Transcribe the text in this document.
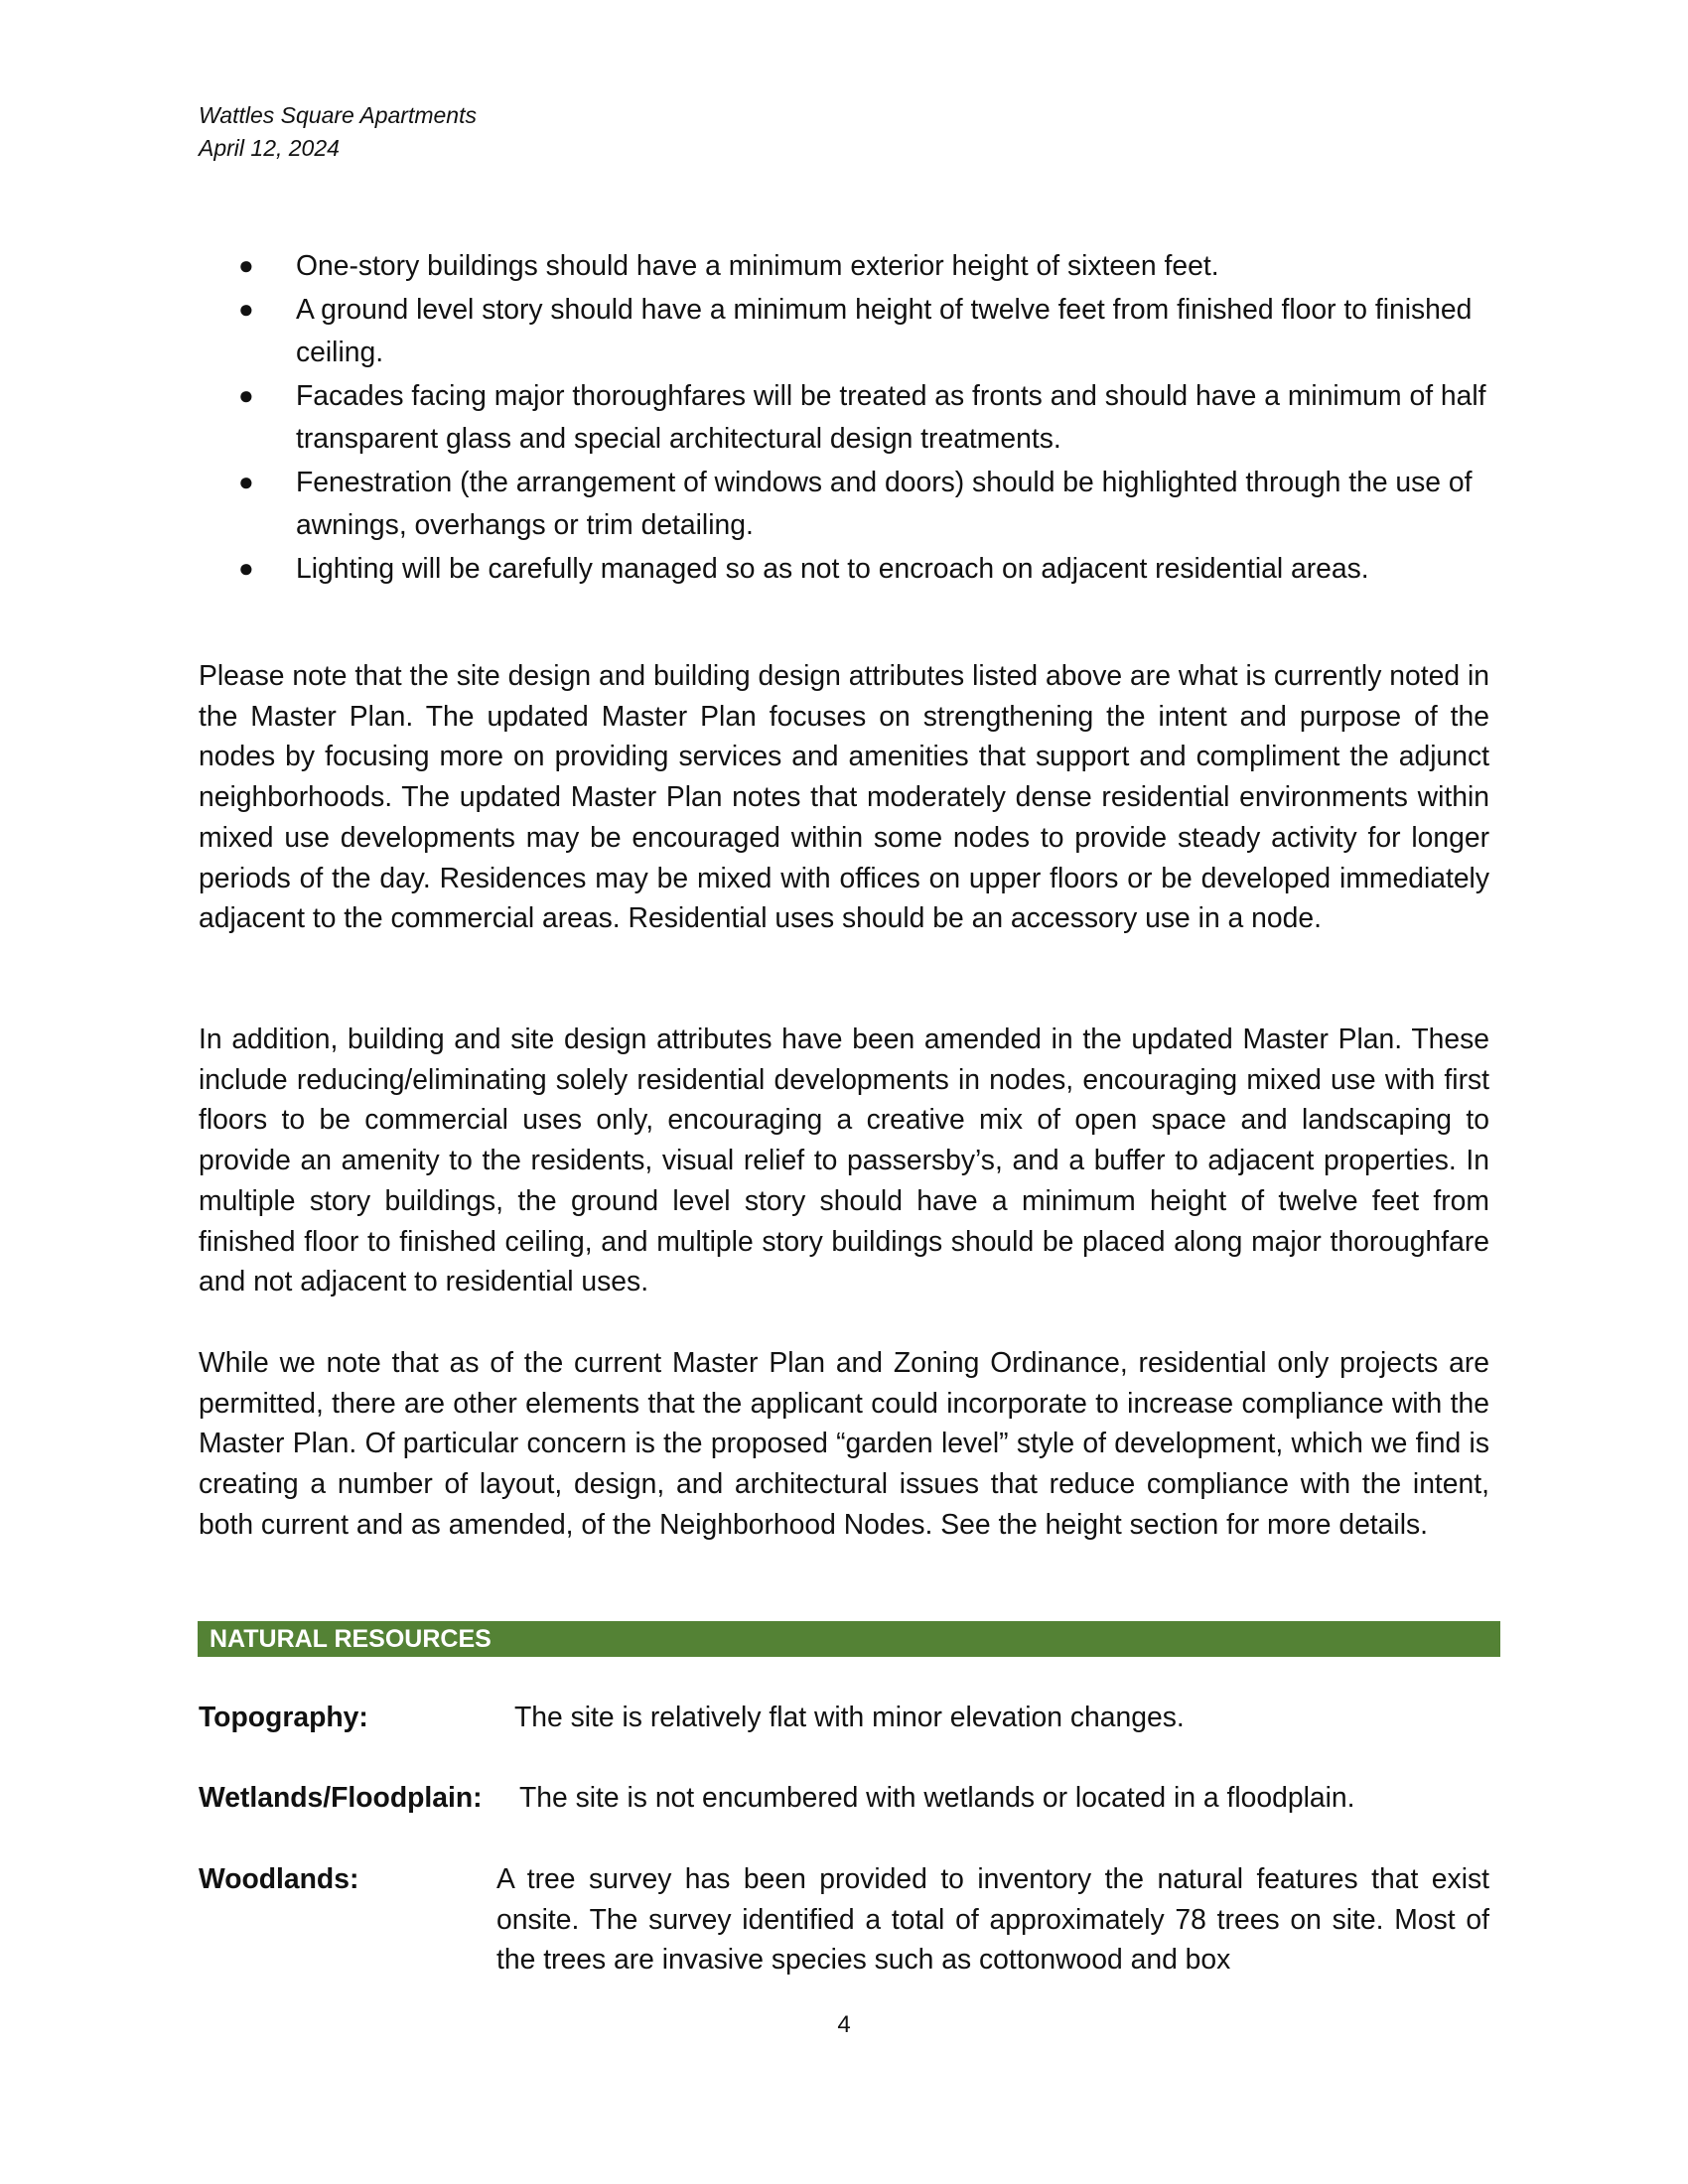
Wattles Square Apartments
April 12, 2024
● One-story buildings should have a minimum exterior height of sixteen feet.
● A ground level story should have a minimum height of twelve feet from finished floor to finished ceiling.
● Facades facing major thoroughfares will be treated as fronts and should have a minimum of half transparent glass and special architectural design treatments.
● Fenestration (the arrangement of windows and doors) should be highlighted through the use of awnings, overhangs or trim detailing.
● Lighting will be carefully managed so as not to encroach on adjacent residential areas.

Please note that the site design and building design attributes listed above are what is currently noted in the Master Plan. The updated Master Plan focuses on strengthening the intent and purpose of the nodes by focusing more on providing services and amenities that support and compliment the adjunct neighborhoods. The updated Master Plan notes that moderately dense residential environments within mixed use developments may be encouraged within some nodes to provide steady activity for longer periods of the day. Residences may be mixed with offices on upper floors or be developed immediately adjacent to the commercial areas. Residential uses should be an accessory use in a node.

In addition, building and site design attributes have been amended in the updated Master Plan. These include reducing/eliminating solely residential developments in nodes, encouraging mixed use with first floors to be commercial uses only, encouraging a creative mix of open space and landscaping to provide an amenity to the residents, visual relief to passersby’s, and a buffer to adjacent properties. In multiple story buildings, the ground level story should have a minimum height of twelve feet from finished floor to finished ceiling, and multiple story buildings should be placed along major thoroughfare and not adjacent to residential uses.

While we note that as of the current Master Plan and Zoning Ordinance, residential only projects are permitted, there are other elements that the applicant could incorporate to increase compliance with the Master Plan. Of particular concern is the proposed “garden level” style of development, which we find is creating a number of layout, design, and architectural issues that reduce compliance with the intent, both current and as amended, of the Neighborhood Nodes. See the height section for more details.

NATURAL RESOURCES
Topography:	The site is relatively flat with minor elevation changes.

Wetlands/Floodplain: The site is not encumbered with wetlands or located in a floodplain.

Woodlands:	A tree survey has been provided to inventory the natural features that exist onsite. The survey identified a total of approximately 78 trees on site. Most of the trees are invasive species such as cottonwood and box

4
